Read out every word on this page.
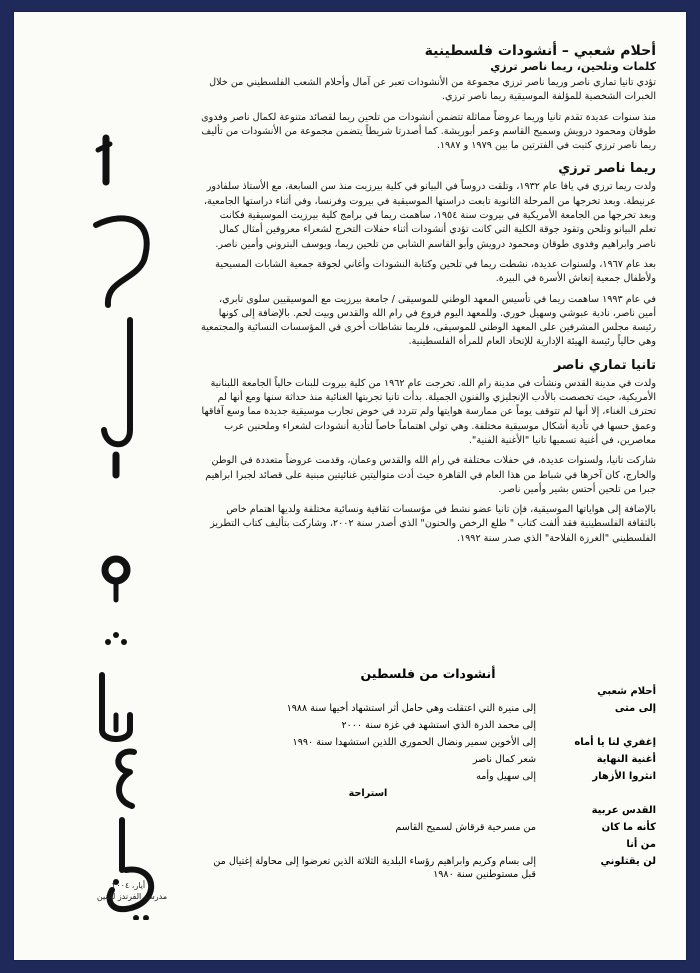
١ أيار، ٢٠٠٤
مدرسة الفرندز للبنين
أحلام شعبي – أنشودات فلسطينية
كلمات وتلحين، ريما ناصر ترزي

تؤدي تانيا تماري ناصر وريما ناصر ترزي مجموعة من الأنشودات تعبر عن آمال وأحلام الشعب الفلسطيني من خلال الخبرات الشخصية للمؤلفة الموسيقية ريما ناصر ترزي.

منذ سنوات عديدة تقدم تانيا وريما عروضاً مماثلة تتضمن أنشودات من تلحين ريما لقصائد متنوعة لكمال ناصر وفدوى طوقان ومحمود درويش وسميح القاسم وعمر أبوريشة. كما أصدرتا شريطاً يتضمن مجموعة من الأنشودات من تأليف ريما ناصر ترزي كتبت في الفترتين ما بين ١٩٧٩ و ١٩٨٧.

ريما ناصر ترزي

ولدت ريما ترزي في يافا عام ١٩٣٢، وتلقت دروساً في البيانو في كلية بيرزيت منذ سن السابعة، مع الأستاذ سلفادور عرنيطة. وبعد تخرجها من المرحلة الثانوية تابعت دراستها الموسيقية في بيروت وفرنسا، وفي أثناء دراستها الجامعية، وبعد تخرجها من الجامعة الأمريكية في بيروت سنة ١٩٥٤، ساهمت ريما في برامج كلية بيرزيت الموسيقية فكانت تعلم البيانو وتلحن وتقود جوقة الكلية التي كانت تؤدي أنشودات أثناء حفلات التخرج لشعراء معروفين أمثال كمال ناصر وابراهيم وفدوى طوقان ومحمود درويش وأبو القاسم الشابي من تلحين ريما، ويوسف البتروني وأمين ناصر.

بعد عام ١٩٦٧، ولسنوات عديدة، نشطت ريما في تلحين وكتابة النشودات وأغاني لجوقة جمعية الشابات المسيحية ولأطفال جمعية إنعاش الأسرة في البيرة.

في عام ١٩٩٣ ساهمت ريما في تأسيس المعهد الوطني للموسيقى / جامعة بيرزيت مع الموسيقيين سلوى تابري، أمين ناصر، نادية عبوشي وسهيل خوري. وللمعهد اليوم فروع في رام الله والقدس وبيت لحم. بالإضافة إلى كونها رئيسة مجلس المشرفين على المعهد الوطني للموسيقى، فلريما نشاطات أخرى في المؤسسات النسائية والمجتمعية وهي حالياً رئيسة الهيئة الإدارية للإتحاد العام للمرأة الفلسطينية.

تانيا تماري ناصر

ولدت في مدينة القدس ونشأت في مدينة رام الله. تخرجت عام ١٩٦٢ من كلية بيروت للبنات حالياً الجامعة اللبنانية الأمريكية، حيث تخصصت بالأدب الإنجليزي والفنون الجميلة. بدأت تانيا تجربتها الغنائية منذ حداثة سنها ومع أنها لم تحترف الغناء، إلا أنها لم تتوقف يوماً عن ممارسة هوايتها ولم تتردد في خوض تجارب موسيقية جديدة مما وسع آفاقها وعمق حسها في تأدية أشكال موسيقية مختلفة. وهي تولي اهتماماً خاصاً لتأدية أنشودات لشعراء وملحنين عرب معاصرين، في أغنية تسميها تانيا "الأغنية الفنية".

شاركت تانيا، ولسنوات عديدة، في حفلات مختلفة في رام الله والقدس وعمان، وقدمت عروضاً متعددة في الوطن والخارج، كان آخرها في شباط من هذا العام في القاهرة حيث أدت متواليتين غنائيتين مبنية على قصائد لجبرا ابراهيم جبرا من تلحين أحتس بشير وأمين ناصر.

بالإضافة إلى هواياتها الموسيقية، فإن تانيا عضو نشط في مؤسسات ثقافية ونسائية مختلفة ولديها اهتمام خاص بالثقافة الفلسطينية فقد ألفت كتاب " طلع الرخص والحنون" الذي أصدر سنة ٢٠٠٢، وشاركت بتأليف كتاب التطريز الفلسطيني "الغرزة الفلاحة" الذي صدر سنة ١٩٩٢.

أنشودات من فلسطين
أحلام شعبي	
إلى متى	إلى منيرة التي اعتقلت وهي حامل أثر استشهاد أخيها سنة ١٩٨٨
	إلى محمد الدرة الذي استشهد في غزة سنة ٢٠٠٠
إغفري لنا يا أماه	إلى الأخوين سمير ونضال الحموري اللذين استشهدا سنة ١٩٩٠
أغنية النهاية	شعر كمال ناصر
انثروا الأزهار	إلى سهيل وأمه
	استراحة
القدس عربية	
كأنه ما كان	من مسرحية قرقاش لسميح القاسم
من أنا	
لن يقتلوني	إلى بسام وكريم وابراهيم رؤساء البلدية الثلاثة الذين تعرضوا إلى محاولة إغتيال من قبل مستوطنين سنة ١٩٨٠
